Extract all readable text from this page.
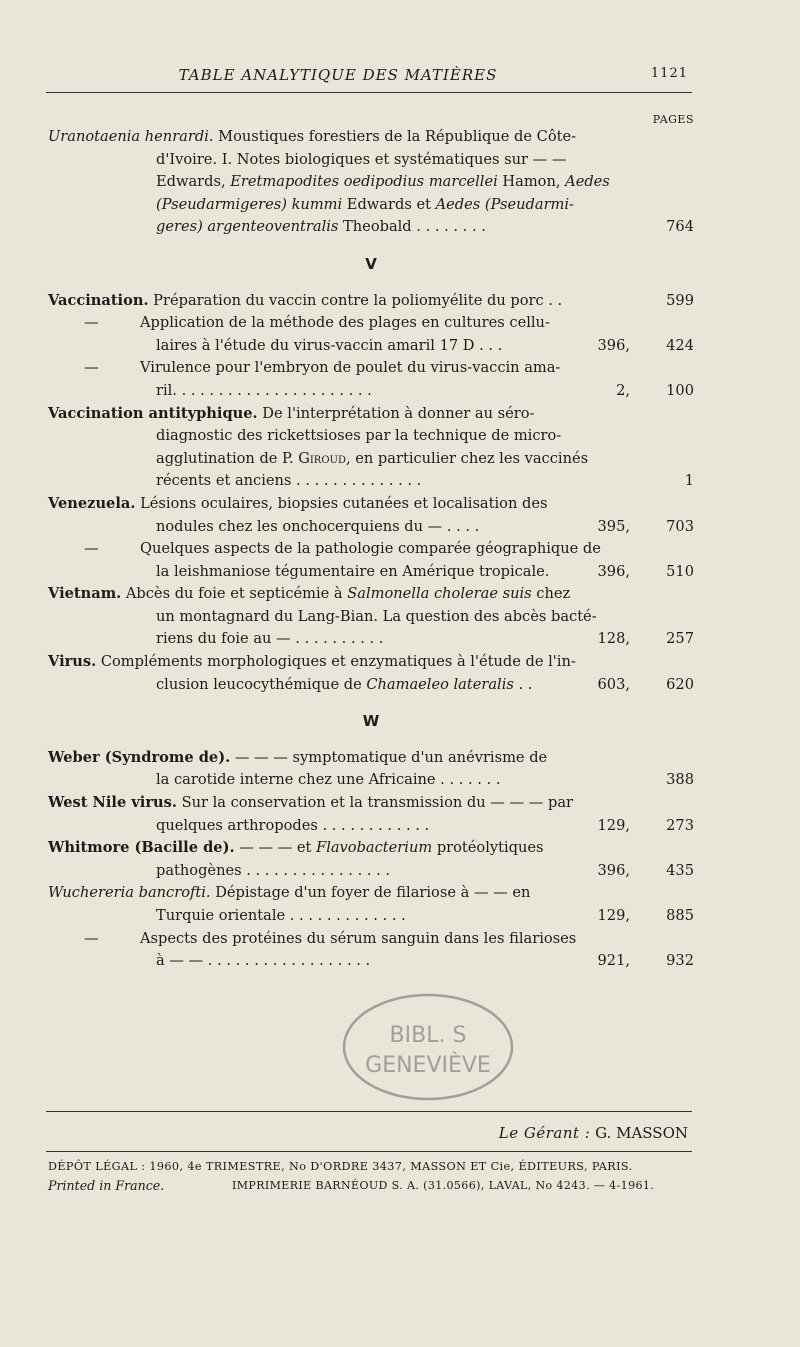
TABLE ANALYTIQUE DES MATIÈRES	1121
PAGES
Uranotaenia henrardi. Moustiques forestiers de la République de Côte-
d'Ivoire. I. Notes biologiques et systématiques sur — —
Edwards, Eretmapodites oedipodius marcellei Hamon, Aedes
(Pseudarmigeres) kummi Edwards et Aedes (Pseudarmi-
geres) argenteoventralis Theobald . . . . . . . .	764
V
Vaccination. Préparation du vaccin contre la poliomyélite du porc . .	599
—	Application de la méthode des plages en cultures cellu-
laires à l'étude du virus-vaccin amaril 17 D . . .	396, 424
—	Virulence pour l'embryon de poulet du virus-vaccin ama-
ril. . . . . . . . . . . . . . . . . . . . . .	2, 100
Vaccination antityphique. De l'interprétation à donner au séro-
diagnostic des rickettsioses par la technique de micro-
agglutination de P. Giroud, en particulier chez les vaccinés
récents et anciens . . . . . . . . . . . . . .	1
Venezuela. Lésions oculaires, biopsies cutanées et localisation des
nodules chez les onchocerquiens du — . . . .	395, 703
—	Quelques aspects de la pathologie comparée géographique de
la leishmaniose tégumentaire en Amérique tropicale.	396, 510
Vietnam. Abcès du foie et septicémie à Salmonella cholerae suis chez
un montagnard du Lang-Bian. La question des abcès bacté-
riens du foie au — . . . . . . . . . .	128, 257
Virus. Compléments morphologiques et enzymatiques à l'étude de l'in-
clusion leucocythémique de Chamaeleo lateralis . .	603, 620
W
Weber (Syndrome de). — — — symptomatique d'un anévrisme de
la carotide interne chez une Africaine . . . . . . .	388
West Nile virus. Sur la conservation et la transmission du — — — par
quelques arthropodes . . . . . . . . . . . .	129, 273
Whitmore (Bacille de). — — — et Flavobacterium protéolytiques
pathogènes . . . . . . . . . . . . . . . .	396, 435
Wuchereria bancrofti. Dépistage d'un foyer de filariose à — — en
Turquie orientale . . . . . . . . . . . . .	129, 885
—	Aspects des protéines du sérum sanguin dans les filarioses
à — — . . . . . . . . . . . . . . . . . .	921, 932
BIBL. S
GENEVIÈVE
Le Gérant : G. MASSON
DÉPÔT LÉGAL : 1960, 4e TRIMESTRE, No D'ORDRE 3437, MASSON ET Cie, ÉDITEURS, PARIS.
Printed in France.	IMPRIMERIE BARNÉOUD S. A. (31.0566), LAVAL, No 4243. — 4-1961.
